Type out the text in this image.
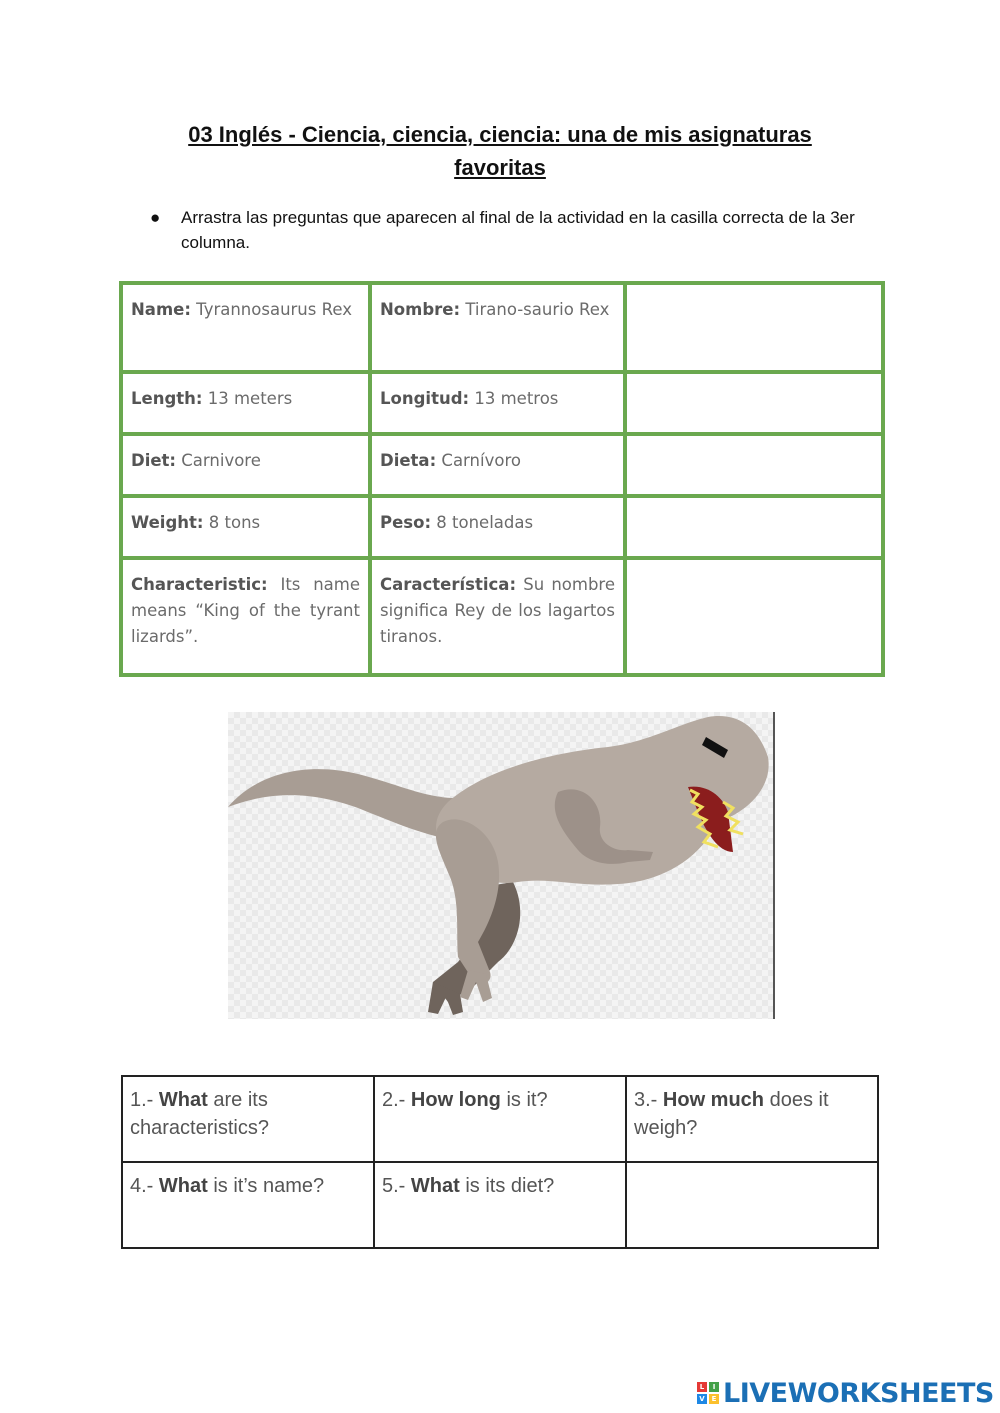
03 Inglés - Ciencia, ciencia, ciencia: una de mis asignaturas favoritas
●	Arrastra las preguntas que aparecen al final de la actividad en la casilla correcta de la 3er columna.
Name: Tyrannosaurus Rex	Nombre: Tirano-saurio Rex	
Length: 13 meters	Longitud: 13 metros	
Diet: Carnivore	Dieta: Carnívoro	
Weight: 8 tons	Peso: 8 toneladas	
Characteristic: Its name means “King of the tyrant lizards”.	Característica: Su nombre significa Rey de los lagartos tiranos.	
1.- What are its characteristics?	2.- How long is it?	3.- How much does it weigh?
4.- What is it’s name?	5.- What is its diet?	
L	I
V E LIVEWORKSHEETS
